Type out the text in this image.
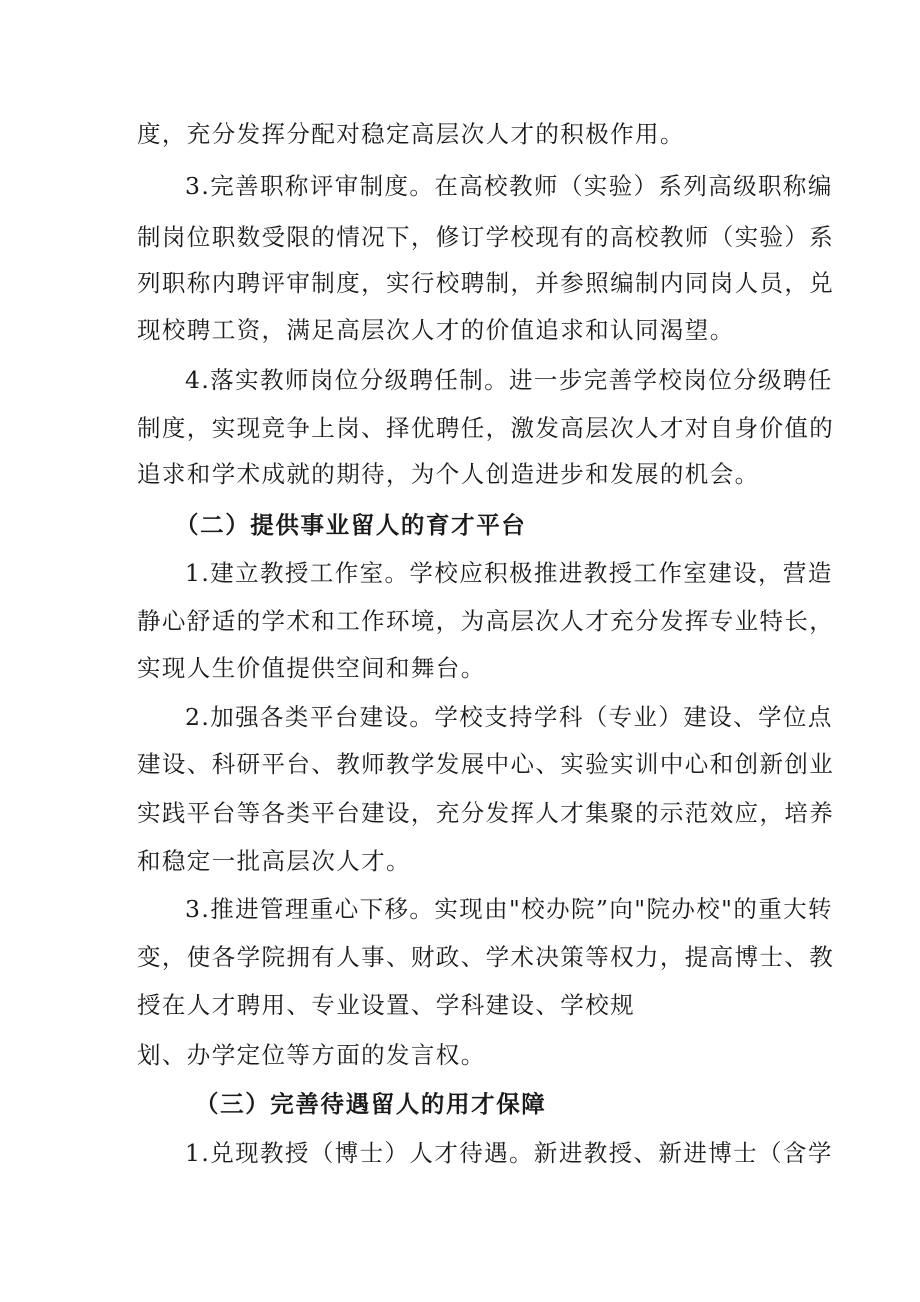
度，充分发挥分配对稳定高层次人才的积极作用。
3.完善职称评审制度。在高校教师（实验）系列高级职称编
制岗位职数受限的情况下，修订学校现有的高校教师（实验）系
列职称内聘评审制度，实行校聘制，并参照编制内同岗人员，兑
现校聘工资，满足高层次人才的价值追求和认同渴望。
4.落实教师岗位分级聘任制。进一步完善学校岗位分级聘任
制度，实现竞争上岗、择优聘任，激发高层次人才对自身价值的
追求和学术成就的期待，为个人创造进步和发展的机会。
（二）提供事业留人的育才平台
1.建立教授工作室。学校应积极推进教授工作室建设，营造
静心舒适的学术和工作环境，为高层次人才充分发挥专业特长，
实现人生价值提供空间和舞台。
2.加强各类平台建设。学校支持学科（专业）建设、学位点
建设、科研平台、教师教学发展中心、实验实训中心和创新创业
实践平台等各类平台建设，充分发挥人才集聚的示范效应，培养
和稳定一批高层次人才。
3.推进管理重心下移。实现由"校办院”向"院办校"的重大转
变，使各学院拥有人事、财政、学术决策等权力，提高博士、教
授在人才聘用、专业设置、学科建设、学校规
划、办学定位等方面的发言权。
（三）完善待遇留人的用才保障
1.兑现教授（博士）人才待遇。新进教授、新进博士（含学
